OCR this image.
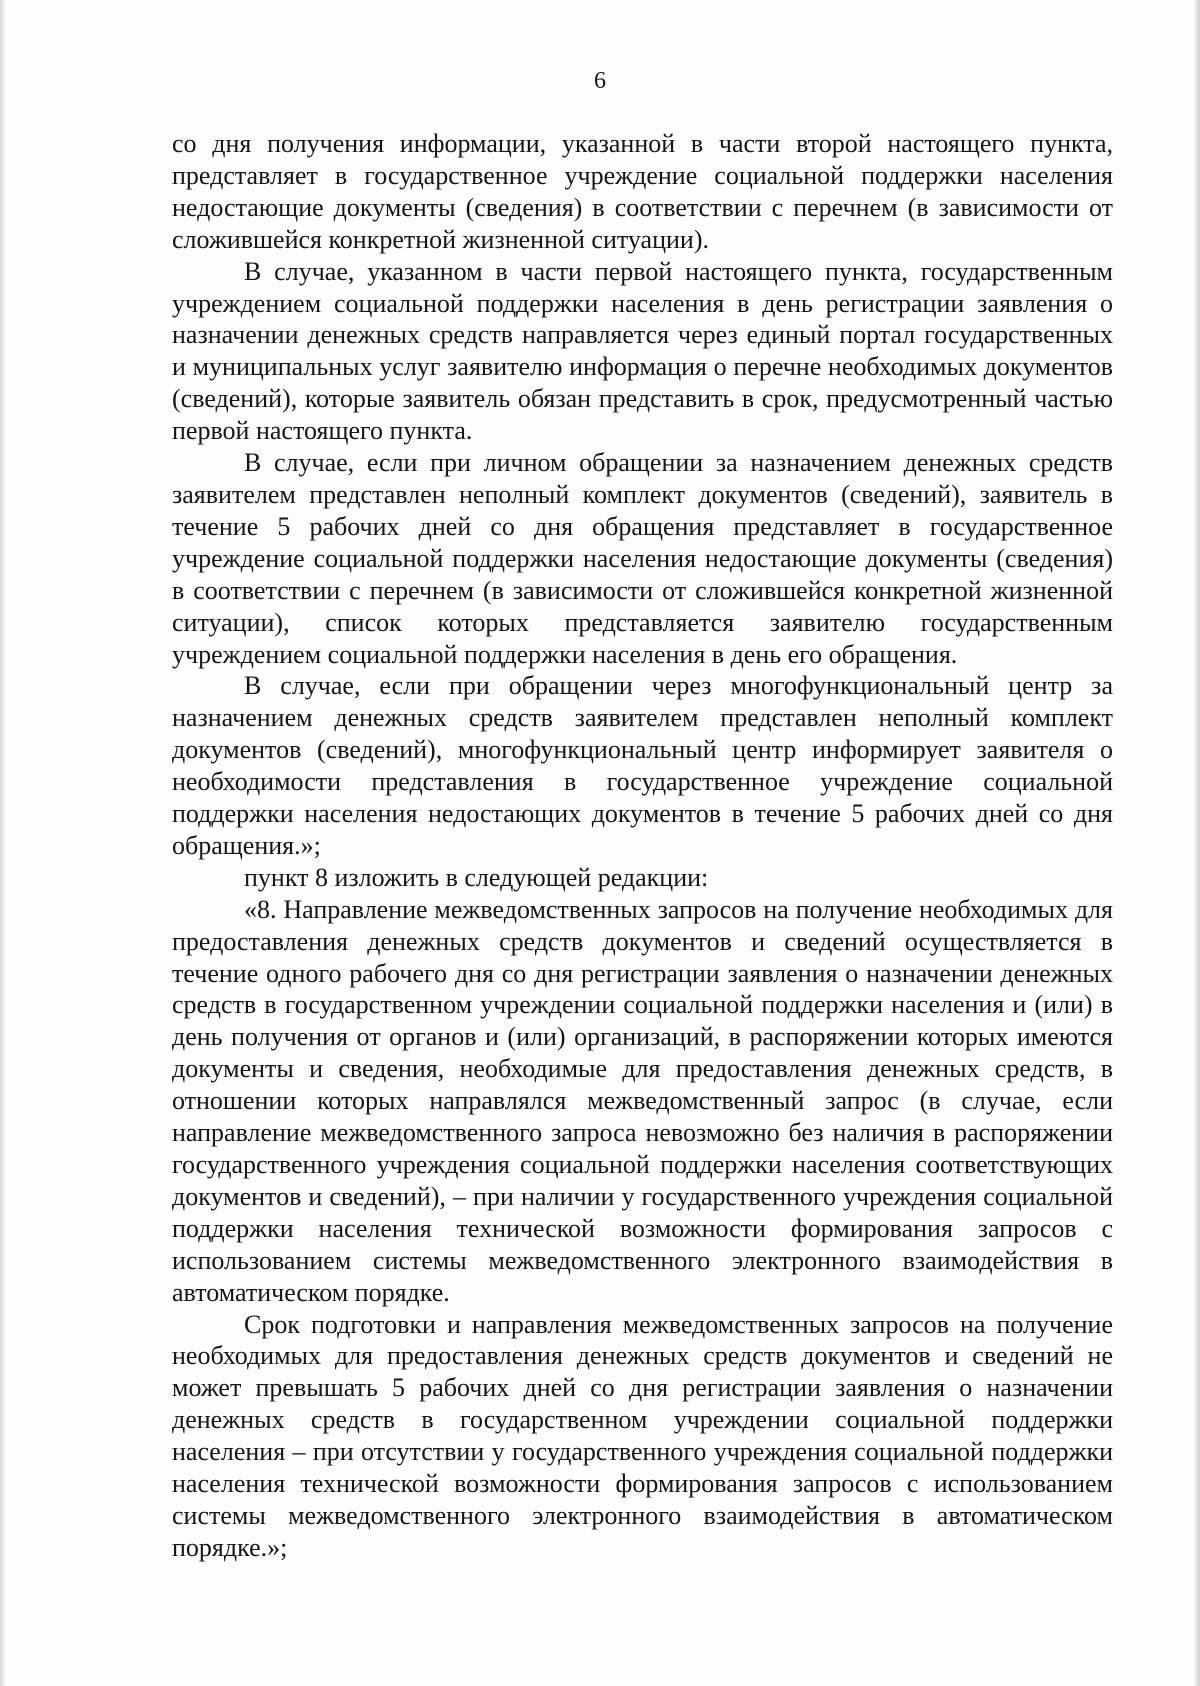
6

со дня получения информации, указанной в части второй настоящего пункта, представляет в государственное учреждение социальной поддержки населения недостающие документы (сведения) в соответствии с перечнем (в зависимости от сложившейся конкретной жизненной ситуации).

В случае, указанном в части первой настоящего пункта, государственным учреждением социальной поддержки населения в день регистрации заявления о назначении денежных средств направляется через единый портал государственных и муниципальных услуг заявителю информация о перечне необходимых документов (сведений), которые заявитель обязан представить в срок, предусмотренный частью первой настоящего пункта.

В случае, если при личном обращении за назначением денежных средств заявителем представлен неполный комплект документов (сведений), заявитель в течение 5 рабочих дней со дня обращения представляет в государственное учреждение социальной поддержки населения недостающие документы (сведения) в соответствии с перечнем (в зависимости от сложившейся конкретной жизненной ситуации), список которых представляется заявителю государственным учреждением социальной поддержки населения в день его обращения.

В случае, если при обращении через многофункциональный центр за назначением денежных средств заявителем представлен неполный комплект документов (сведений), многофункциональный центр информирует заявителя о необходимости представления в государственное учреждение социальной поддержки населения недостающих документов в течение 5 рабочих дней со дня обращения.»;

пункт 8 изложить в следующей редакции:

«8. Направление межведомственных запросов на получение необходимых для предоставления денежных средств документов и сведений осуществляется в течение одного рабочего дня со дня регистрации заявления о назначении денежных средств в государственном учреждении социальной поддержки населения и (или) в день получения от органов и (или) организаций, в распоряжении которых имеются документы и сведения, необходимые для предоставления денежных средств, в отношении которых направлялся межведомственный запрос (в случае, если направление межведомственного запроса невозможно без наличия в распоряжении государственного учреждения социальной поддержки населения соответствующих документов и сведений), – при наличии у государственного учреждения социальной поддержки населения технической возможности формирования запросов с использованием системы межведомственного электронного взаимодействия в автоматическом порядке.

Срок подготовки и направления межведомственных запросов на получение необходимых для предоставления денежных средств документов и сведений не может превышать 5 рабочих дней со дня регистрации заявления о назначении денежных средств в государственном учреждении социальной поддержки населения – при отсутствии у государственного учреждения социальной поддержки населения технической возможности формирования запросов с использованием системы межведомственного электронного взаимодействия в автоматическом порядке.»;
